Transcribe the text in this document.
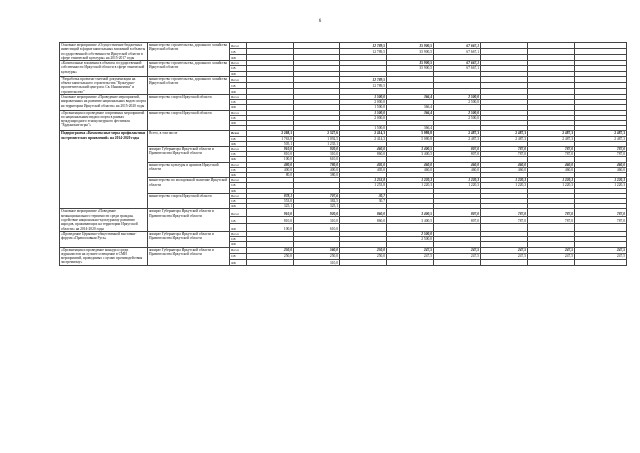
6
Основное мероприятие «Осуществление бюджетных инвестиций в форме капитальных вложений в объекты государственной собственности Иркутской области в сфере этнической культуры» на 2015-2017 годы	министерство строительства, дорожного хозяйства Иркутской области	Всего			12 789,5	35 900,5	67 667,1				
		ОБ			12 789,5	35 900,5	67 667,1				
		ФБ									
«Капитальные вложения в объекты государственной собственности Иркутской области в сфере этнической культуры»	министерство строительства, дорожного хозяйства Иркутской области	Всего				35 900,5	67 667,1				
		ОБ				35 900,5	67 667,1				
		ФБ									
"Разработка проектно-сметной документации на объект капитального строительства "Культурно-просветительский центр им. Св. Иннокентия" и строительство"	министерство строительства, дорожного хозяйства Иркутской области	Всего			12 789,5						
		ОБ			12 789,5						
		ФБ									
Основное мероприятие «Проведение мероприятий, направленных на развитие национальных видов спорта на территории Иркутской области» на 2015-2020 годы	министерство спорта Иркутской области	Всего			1 500,0	366,4	2 500,0				
		ОБ			2 000,0		2 500,0				
		ФБ			1 500,0	366,4					
«Организация и проведение спортивных мероприятий по национальным видам спорта в рамках международного этнокультурного фестиваля "Ёрдынские игры"»	министерство спорта Иркутской области	Всего			1 500,0	366,4	2 500,0				
		ОБ			2 000,0		2 500,0				
		ФБ									
					1 500,0	366,4					
Подпрограмма «Комплексные меры профилактики экстремистских проявлений» на 2014-2020 годы	Всего, в том числе	Всего	2 268,1	2 327,6	2 414,3	5 080,8	2 487,3	2 487,3	2 487,3	2 487,3	
		ОБ	1 763,0	1 092,5	2 414,3	5 080,8	2 487,3	2 487,3	2 487,3	2 487,3	
		ФБ	505,1	1 235,1							
	аппарат Губернатора Иркутской области и Правительства Иркутской области	Всего	910,0	920,0	460,0	3 400,5	807,0	787,0	787,0	787,0	
		ОБ	810,0	310,0	860,0	3 400,5	807,0	787,0	787,0	787,0	
		ФБ	100,0	610,0							
	министерство культуры и архивов Иркутской области	Всего	480,0	780,0	405,0	460,0	460,0	460,0	460,0	460,0	
		ОБ	400,0	400,0	405,0	460,0	460,0	460,0	460,0	460,0	
		ФБ	80,0	380,0							
	министерство по молодежной политике Иркутской области	Всего			1 253,8	1 220,3	1 220,3	1 220,3	1 220,3	1 220,3	
		ОБ			1 253,8	1 220,3	1 220,3	1 220,3	1 220,3	1 220,3	
		ФБ									
	министерство спорта Иркутской области	Всего	878,1	707,6	30,7						
		ОБ	553,0	382,5	30,7						
		ФБ	325,1	325,1							
Основное мероприятие «Поведение межнационального терпимости среди граждан, содействие национально-культурному развитию народов, проживающих на территории Иркутской области» на 2014-2020 годы	аппарат Губернатора Иркутской области и Правительства Иркутской области	Всего	910,0	920,0	860,0	3 400,5	807,0	787,0	787,0	787,0	
		ОБ	810,0	310,0	860,0	3 400,5	807,0	787,0	787,0	787,0	
		ФБ	100,0	610,0							
«Проведение Церковно-общественной выставки-форума «Православная Русь»	аппарат Губернатора Иркутской области и Правительства Иркутской области	Всего				2 500,0					
		ОБ				2 500,0					
		ФБ									
«Организация и проведение конкурса среди журналистов на лучшее освещение в СМИ мероприятий, проводимых с целью противодействия экстремизму»	аппарат Губернатора Иркутской области и Правительства Иркутской области	Всего	250,0	560,0	250,0	247,5	247,5	247,5	247,5	247,5	
		ОБ	250,0	250,0	250,0	247,5	247,5	247,5	247,5	247,5	
		ФБ		310,0							
